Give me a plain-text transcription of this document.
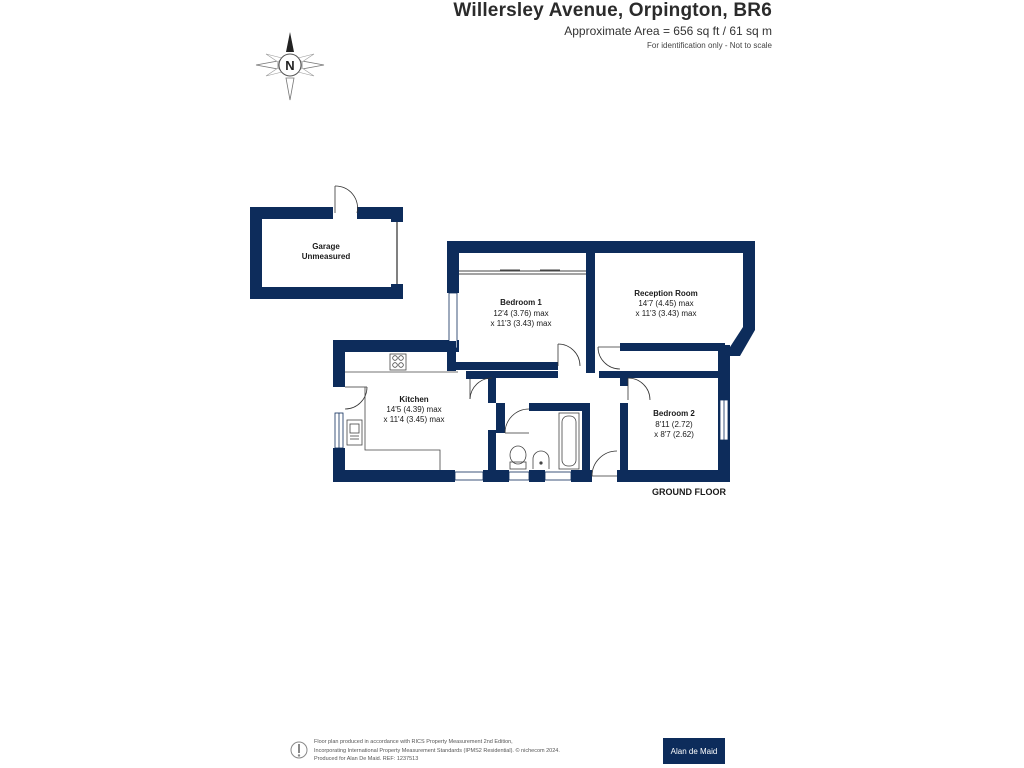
Willersley Avenue, Orpington, BR6
Approximate Area = 656 sq ft / 61 sq m
For identification only - Not to scale
N
Garage
Unmeasured
Bedroom 1
12'4 (3.76) max
x 11'3 (3.43) max
Reception Room
14'7 (4.45) max
x 11'3 (3.43) max
Kitchen
14'5 (4.39) max
x 11'4 (3.45) max
Bedroom 2
8'11 (2.72)
x 8'7 (2.62)
GROUND FLOOR
Floor plan produced in accordance with RICS Property Measurement 2nd Edition,
Incorporating International Property Measurement Standards (IPMS2 Residential). © nichecom 2024.
Produced for Alan De Maid. REF: 1237513
Alan de Maid
